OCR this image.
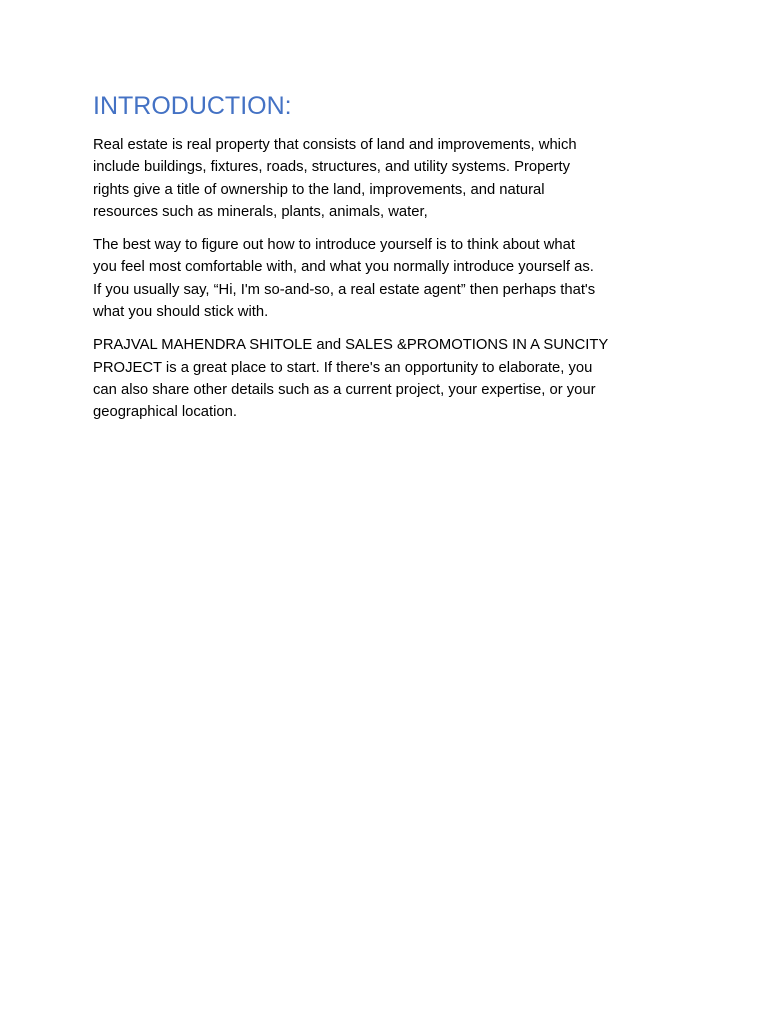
INTRODUCTION:

Real estate is real property that consists of land and improvements, which
include buildings, fixtures, roads, structures, and utility systems. Property
rights give a title of ownership to the land, improvements, and natural
resources such as minerals, plants, animals, water,

The best way to figure out how to introduce yourself is to think about what
you feel most comfortable with, and what you normally introduce yourself as.
If you usually say, “Hi, I'm so-and-so, a real estate agent” then perhaps that's
what you should stick with.

PRAJVAL MAHENDRA SHITOLE and SALES &PROMOTIONS IN A SUNCITY
PROJECT is a great place to start. If there's an opportunity to elaborate, you
can also share other details such as a current project, your expertise, or your
geographical location.
